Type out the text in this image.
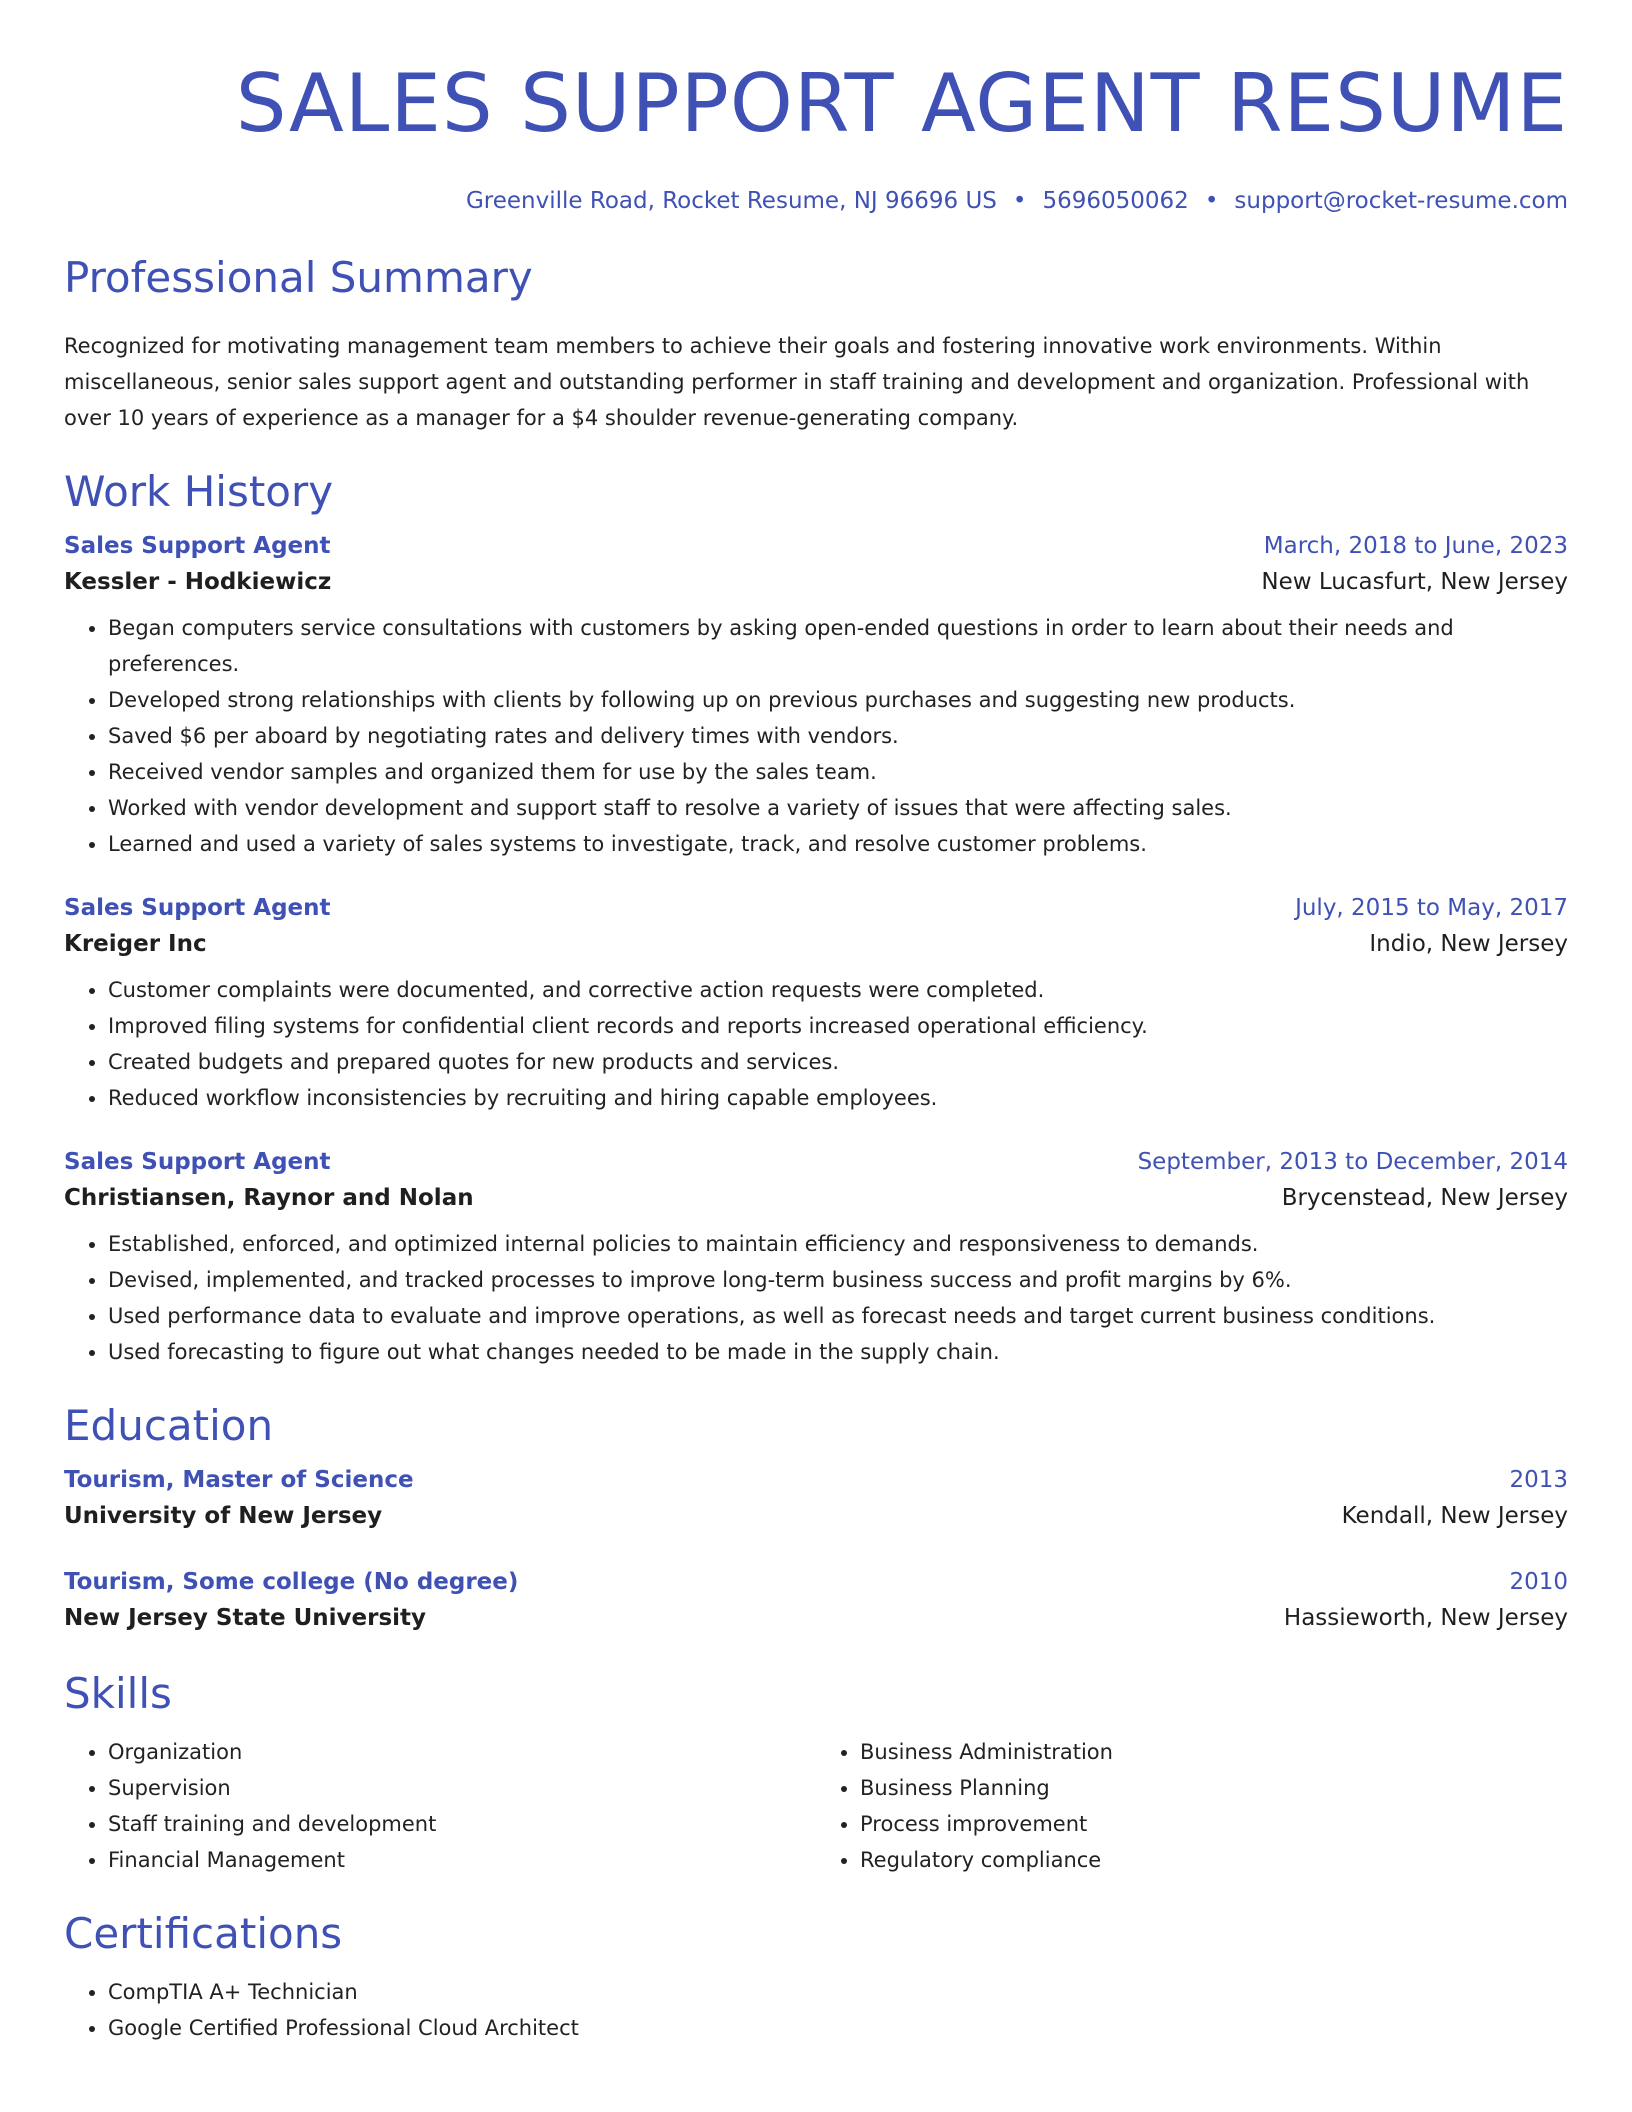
SALES SUPPORT AGENT RESUME
Greenville Road, Rocket Resume, NJ 96696 US • 5696050062 • support@rocket-resume.com
Professional Summary

Recognized for motivating management team members to achieve their goals and fostering innovative work environments. Within miscellaneous, senior sales support agent and outstanding performer in staff training and development and organization. Professional with over 10 years of experience as a manager for a $4 shoulder revenue-generating company.

Work History
Sales Support Agent	March, 2018 to June, 2023
Kessler - Hodkiewicz	New Lucasfurt, New Jersey
• Began computers service consultations with customers by asking open-ended questions in order to learn about their needs and preferences.
• Developed strong relationships with clients by following up on previous purchases and suggesting new products.
• Saved $6 per aboard by negotiating rates and delivery times with vendors.
• Received vendor samples and organized them for use by the sales team.
• Worked with vendor development and support staff to resolve a variety of issues that were affecting sales.
• Learned and used a variety of sales systems to investigate, track, and resolve customer problems.
Sales Support Agent	July, 2015 to May, 2017
Kreiger Inc	Indio, New Jersey
• Customer complaints were documented, and corrective action requests were completed.
• Improved filing systems for confidential client records and reports increased operational efficiency.
• Created budgets and prepared quotes for new products and services.
• Reduced workflow inconsistencies by recruiting and hiring capable employees.
Sales Support Agent	September, 2013 to December, 2014
Christiansen, Raynor and Nolan	Brycenstead, New Jersey
• Established, enforced, and optimized internal policies to maintain efficiency and responsiveness to demands.
• Devised, implemented, and tracked processes to improve long-term business success and profit margins by 6%.
• Used performance data to evaluate and improve operations, as well as forecast needs and target current business conditions.
• Used forecasting to figure out what changes needed to be made in the supply chain.
Education
Tourism, Master of Science	2013
University of New Jersey	Kendall, New Jersey
Tourism, Some college (No degree)	2010
New Jersey State University	Hassieworth, New Jersey
Skills
• Organization
• Supervision
• Staff training and development
• Financial Management
• Business Administration
• Business Planning
• Process improvement
• Regulatory compliance
Certifications
• CompTIA A+ Technician
• Google Certified Professional Cloud Architect
